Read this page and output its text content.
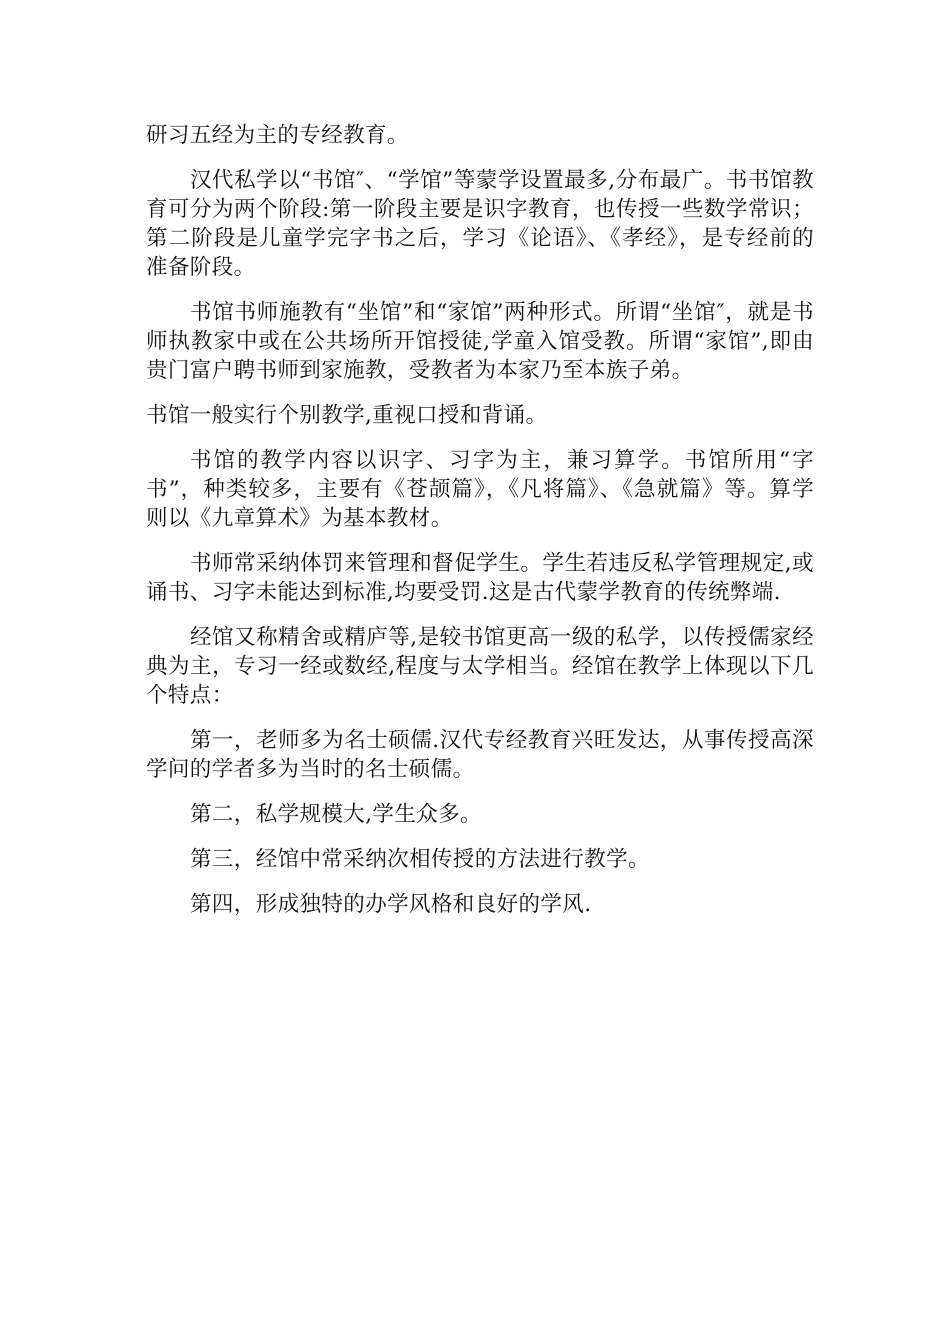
研习五经为主的专经教育。

汉代私学以“书馆″、“学馆”等蒙学设置最多,分布最广。书书馆教育可分为两个阶段:第一阶段主要是识字教育，也传授一些数学常识；第二阶段是儿童学完字书之后，学习《论语》、《孝经》，是专经前的准备阶段。

书馆书师施教有“坐馆”和“家馆”两种形式。所谓“坐馆″，就是书师执教家中或在公共场所开馆授徒,学童入馆受教。所谓“家馆”,即由贵门富户聘书师到家施教，受教者为本家乃至本族子弟。

书馆一般实行个别教学,重视口授和背诵。

书馆的教学内容以识字、习字为主，兼习算学。书馆所用“字书”，种类较多，主要有《苍颉篇》，《凡将篇》、《急就篇》等。算学则以《九章算术》为基本教材。

书师常采纳体罚来管理和督促学生。学生若违反私学管理规定,或诵书、习字未能达到标准,均要受罚.这是古代蒙学教育的传统弊端.

经馆又称精舍或精庐等,是较书馆更高一级的私学，以传授儒家经典为主，专习一经或数经,程度与太学相当。经馆在教学上体现以下几个特点：

第一，老师多为名士硕儒.汉代专经教育兴旺发达，从事传授高深学问的学者多为当时的名士硕儒。

第二，私学规模大,学生众多。

第三，经馆中常采纳次相传授的方法进行教学。

第四，形成独特的办学风格和良好的学风.
